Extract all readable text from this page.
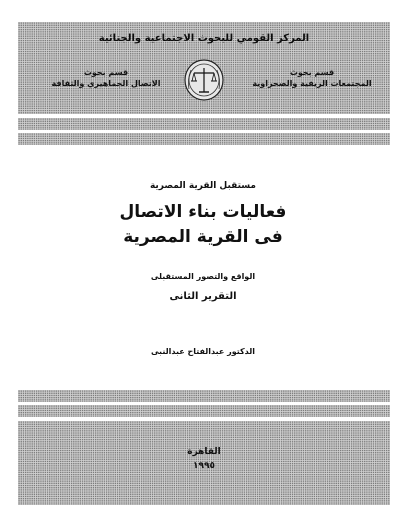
المركز القومي للبحوث الاجتماعية والجنائية
قسم بحوث
المجتمعات الريفية والصحراوية
قسم بحوث
الاتصال الجماهيري والثقافة
مستقبل القرية المصرية
فعاليات بناء الاتصال
فى القرية المصرية
الواقع والتصور المستقبلى
التقرير الثانى
الدكتور عبدالفتاح عبدالنبى
القاهرة
١٩٩٥
